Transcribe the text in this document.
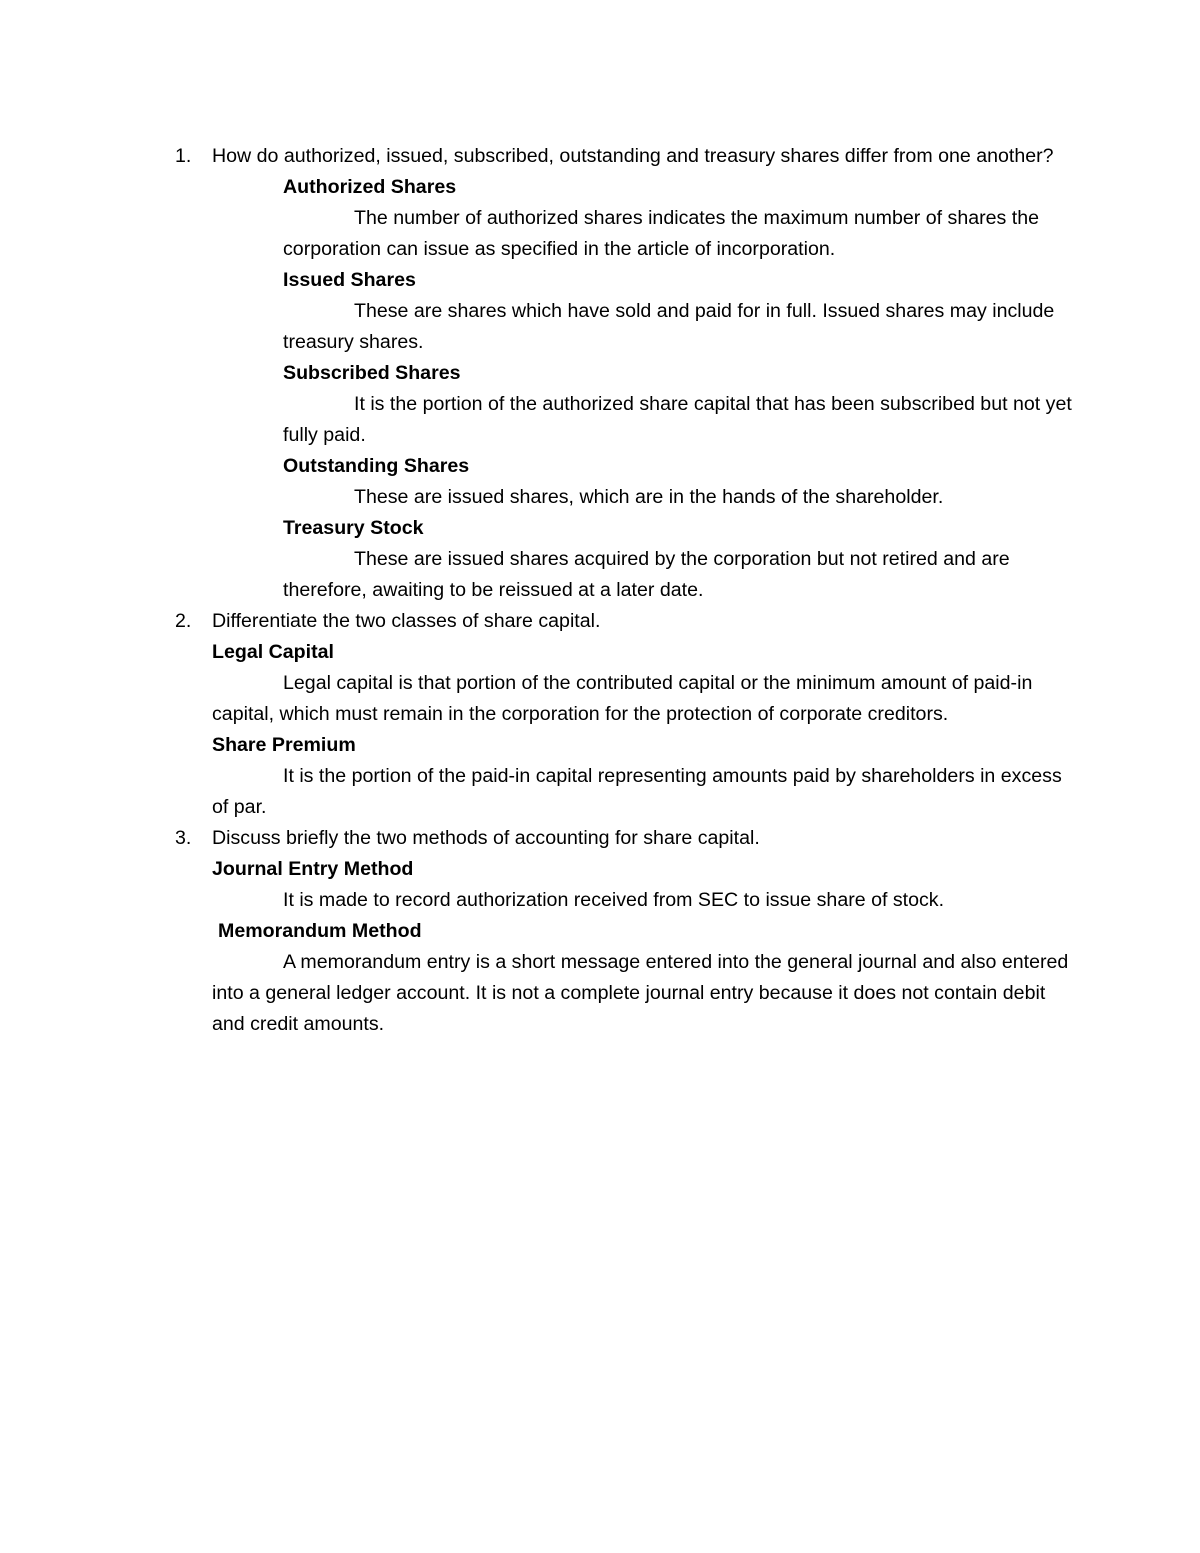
1. How do authorized, issued, subscribed, outstanding and treasury shares differ from one another?
Authorized Shares
The number of authorized shares indicates the maximum number of shares the corporation can issue as specified in the article of incorporation.
Issued Shares
These are shares which have sold and paid for in full. Issued shares may include treasury shares.
Subscribed Shares
It is the portion of the authorized share capital that has been subscribed but not yet fully paid.
Outstanding Shares
These are issued shares, which are in the hands of the shareholder.
Treasury Stock
These are issued shares acquired by the corporation but not retired and are therefore, awaiting to be reissued at a later date.
2. Differentiate the two classes of share capital.
Legal Capital
Legal capital is that portion of the contributed capital or the minimum amount of paid-in capital, which must remain in the corporation for the protection of corporate creditors.
Share Premium
It is the portion of the paid-in capital representing amounts paid by shareholders in excess of par.
3. Discuss briefly the two methods of accounting for share capital.
Journal Entry Method
It is made to record authorization received from SEC to issue share of stock.
Memorandum Method
A memorandum entry is a short message entered into the general journal and also entered into a general ledger account. It is not a complete journal entry because it does not contain debit and credit amounts.
